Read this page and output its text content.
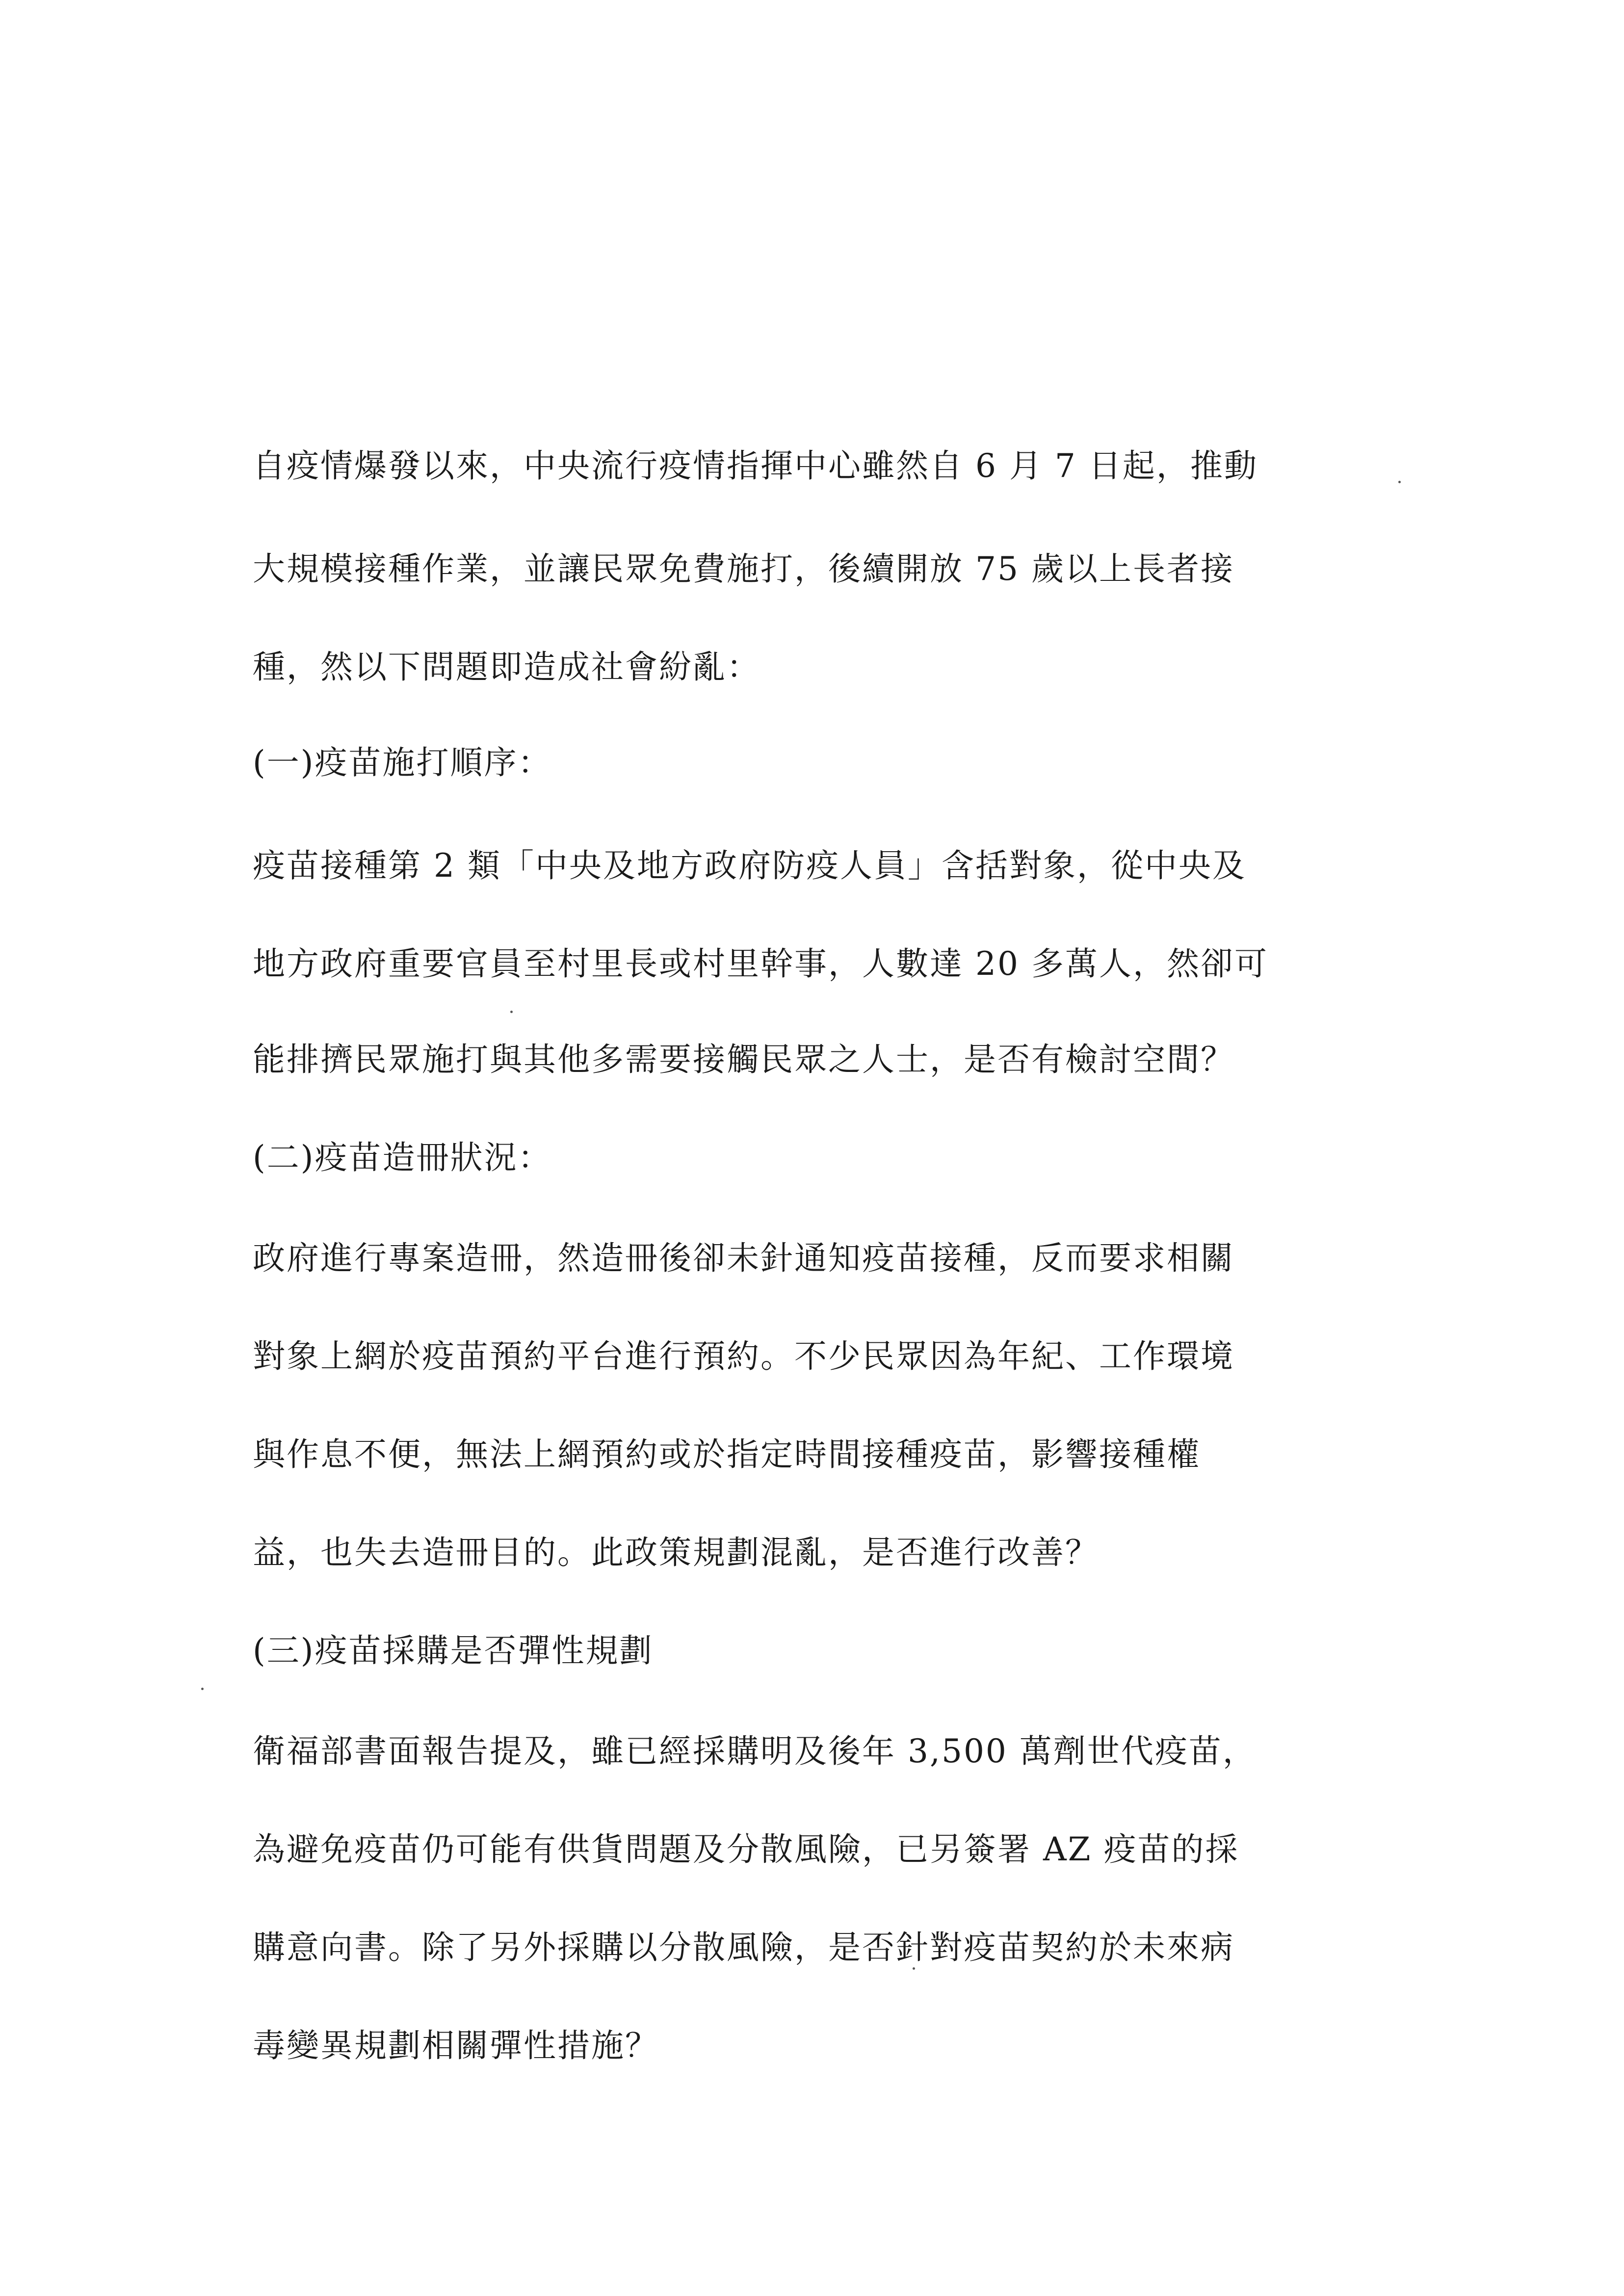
自疫情爆發以來，中央流行疫情指揮中心雖然自 6 月 7 日起，推動

大規模接種作業，並讓民眾免費施打，後續開放 75 歲以上長者接

種，然以下問題即造成社會紛亂：

(一)疫苗施打順序：

疫苗接種第 2 類「中央及地方政府防疫人員」含括對象，從中央及

地方政府重要官員至村里長或村里幹事，人數達 20 多萬人，然卻可

能排擠民眾施打與其他多需要接觸民眾之人士，是否有檢討空間？

(二)疫苗造冊狀況：

政府進行專案造冊，然造冊後卻未針通知疫苗接種，反而要求相關

對象上網於疫苗預約平台進行預約。不少民眾因為年紀、工作環境

與作息不便，無法上網預約或於指定時間接種疫苗，影響接種權

益，也失去造冊目的。此政策規劃混亂，是否進行改善？

(三)疫苗採購是否彈性規劃

衛福部書面報告提及，雖已經採購明及後年 3,500 萬劑世代疫苗，

為避免疫苗仍可能有供貨問題及分散風險，已另簽署 AZ 疫苗的採

購意向書。除了另外採購以分散風險，是否針對疫苗契約於未來病

毒變異規劃相關彈性措施？
